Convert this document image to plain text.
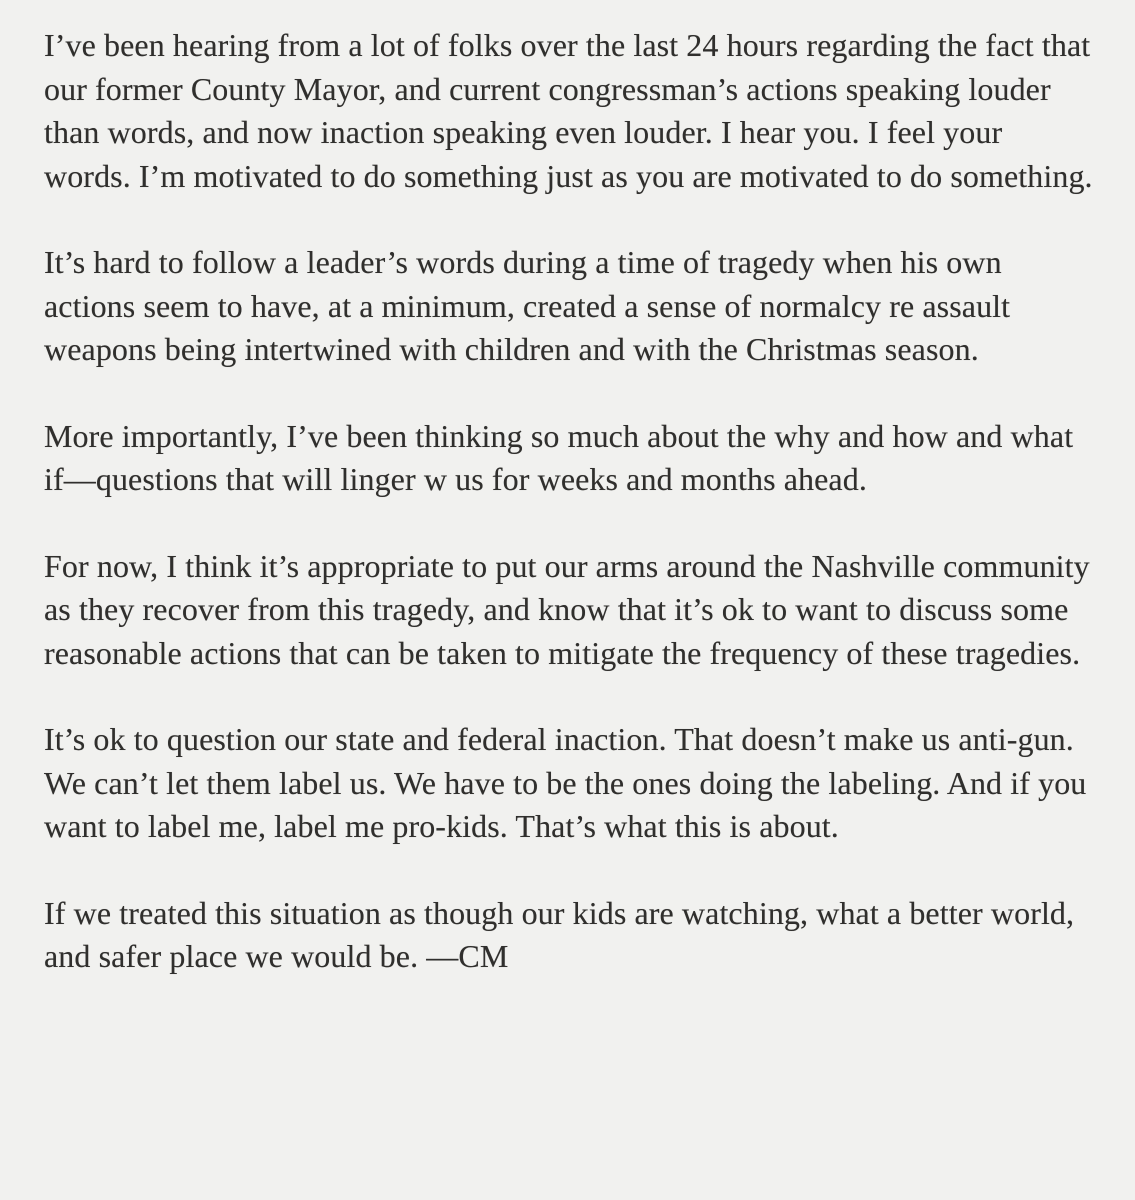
I’ve been hearing from a lot of folks over the last 24 hours regarding the fact that our former County Mayor, and current congressman’s actions speaking louder than words, and now inaction speaking even louder. I hear you. I feel your words. I’m motivated to do something just as you are motivated to do something.

It’s hard to follow a leader’s words during a time of tragedy when his own actions seem to have, at a minimum, created a sense of normalcy re assault weapons being intertwined with children and with the Christmas season.

More importantly, I’ve been thinking so much about the why and how and what if—questions that will linger w us for weeks and months ahead.

For now, I think it’s appropriate to put our arms around the Nashville community as they recover from this tragedy, and know that it’s ok to want to discuss some reasonable actions that can be taken to mitigate the frequency of these tragedies.

It’s ok to question our state and federal inaction. That doesn’t make us anti-gun. We can’t let them label us. We have to be the ones doing the labeling. And if you want to label me, label me pro-kids. That’s what this is about.

If we treated this situation as though our kids are watching, what a better world, and safer place we would be. —CM
